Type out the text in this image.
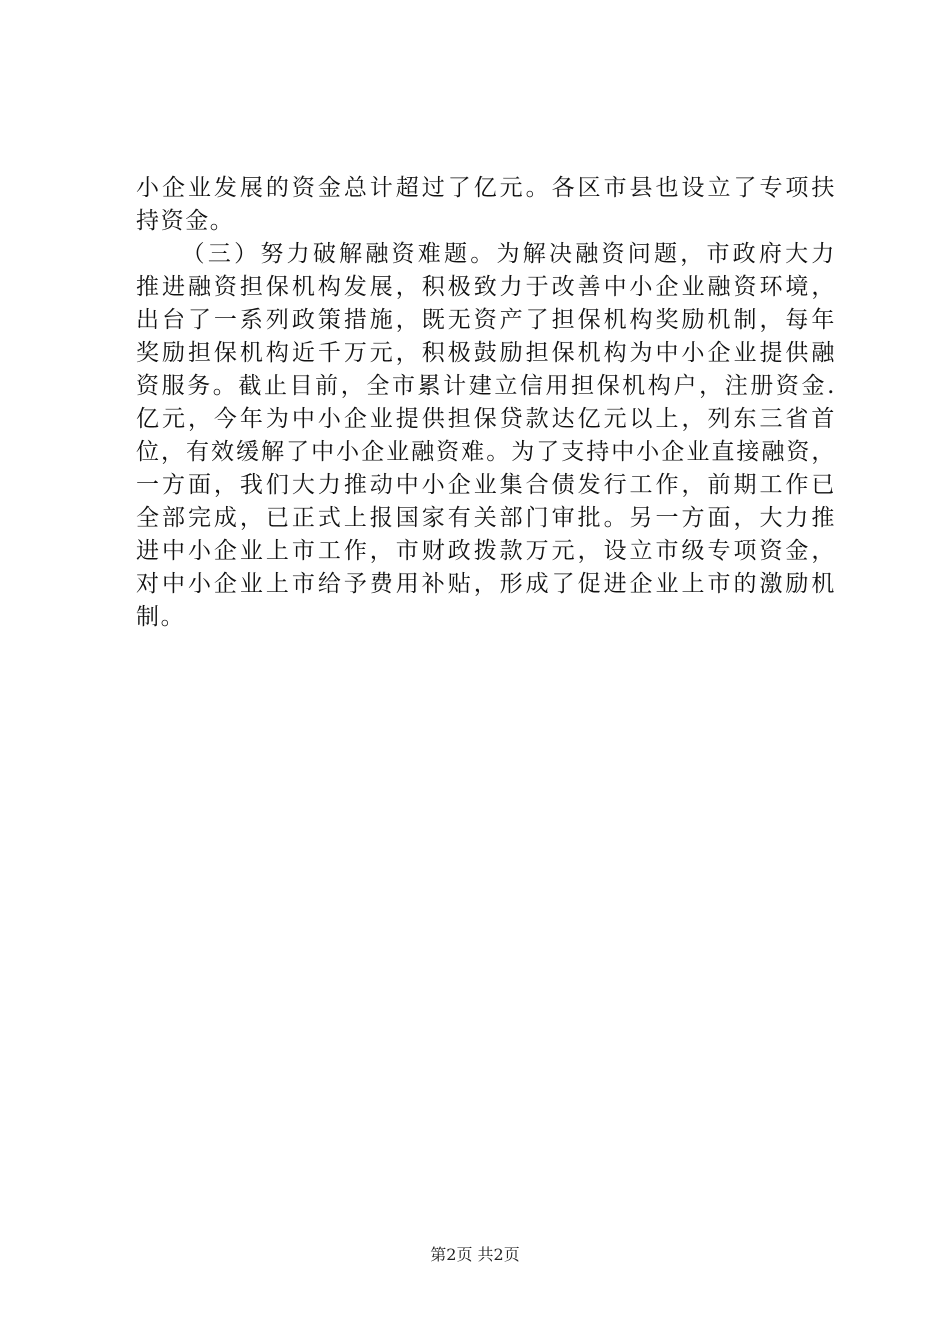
小企业发展的资金总计超过了亿元。各区市县也设立了专项扶
持资金。
（三）努力破解融资难题。为解决融资问题，市政府大力
推进融资担保机构发展，积极致力于改善中小企业融资环境，
出台了一系列政策措施，既无资产了担保机构奖励机制，每年
奖励担保机构近千万元，积极鼓励担保机构为中小企业提供融
资服务。截止目前，全市累计建立信用担保机构户，注册资金.
亿元，今年为中小企业提供担保贷款达亿元以上，列东三省首
位，有效缓解了中小企业融资难。为了支持中小企业直接融资，
一方面，我们大力推动中小企业集合债发行工作，前期工作已
全部完成，已正式上报国家有关部门审批。另一方面，大力推
进中小企业上市工作，市财政拨款万元，设立市级专项资金，
对中小企业上市给予费用补贴，形成了促进企业上市的激励机
制。
第2页 共2页
